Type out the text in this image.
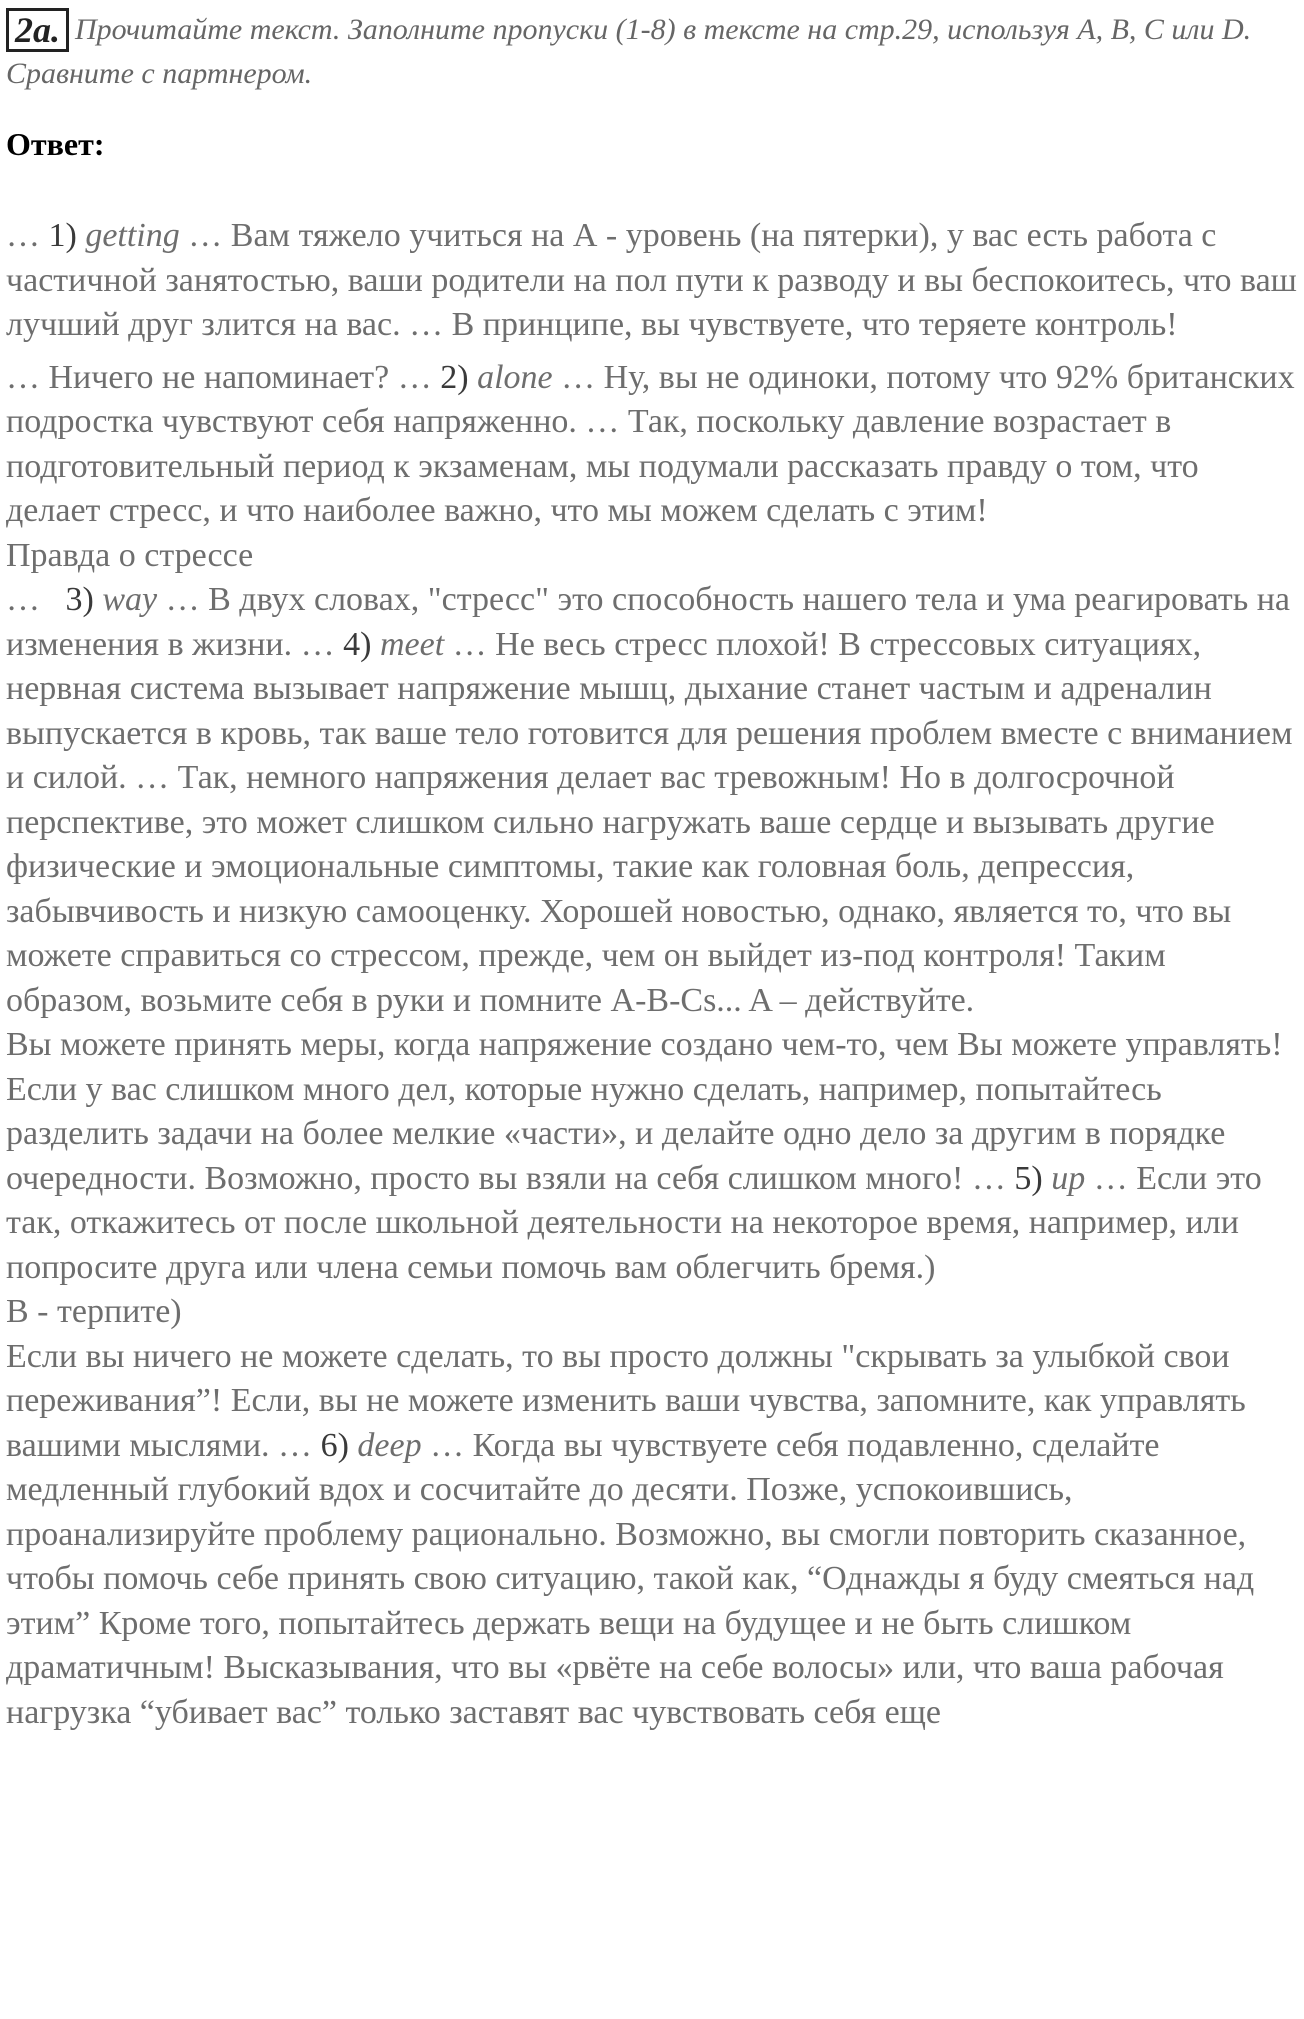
2a. Прочитайте текст. Заполните пропуски (1-8) в тексте на стр.29, используя A, B, C или D. Сравните с партнером.
Ответ:

… 1) getting … Вам тяжело учиться на А - уровень (на пятерки), у вас есть работа с частичной занятостью, ваши родители на пол пути к разводу и вы беспокоитесь, что ваш лучший друг злится на вас. … В принципе, вы чувствуете, что теряете контроль!

… Ничего не напоминает? … 2) alone … Ну, вы не одиноки, потому что 92% британских подростка чувствуют себя напряженно. … Так, поскольку давление возрастает в подготовительный период к экзаменам, мы подумали рассказать правду о том, что делает стресс, и что наиболее важно, что мы можем сделать с этим!

Правда о стрессе

…   3) way … В двух словах, "стресс" это способность нашего тела и ума реагировать на изменения в жизни. … 4) meet … Не весь стресс плохой! В стрессовых ситуациях, нервная система вызывает напряжение мышц, дыхание станет частым и адреналин выпускается в кровь, так ваше тело готовится для решения проблем вместе с вниманием и силой. … Так, немного напряжения делает вас тревожным! Но в долгосрочной перспективе, это может слишком сильно нагружать ваше сердце и вызывать другие физические и эмоциональные симптомы, такие как головная боль, депрессия, забывчивость и низкую самооценку. Хорошей новостью, однако, является то, что вы можете справиться со стрессом, прежде, чем он выйдет из-под контроля! Таким образом, возьмите себя в руки и помните A-B-Cs... A – действуйте.

Вы можете принять меры, когда напряжение создано чем-то, чем Вы можете управлять! Если у вас слишком много дел, которые нужно сделать, например, попытайтесь разделить задачи на более мелкие «части», и делайте одно дело за другим в порядке очередности. Возможно, просто вы взяли на себя слишком много! … 5) up … Если это так, откажитесь от после школьной деятельности на некоторое время, например, или попросите друга или члена семьи помочь вам облегчить бремя.)

B - терпите)

Если вы ничего не можете сделать, то вы просто должны "скрывать за улыбкой свои переживания”! Если, вы не можете изменить ваши чувства, запомните, как управлять вашими мыслями. … 6) deep … Когда вы чувствуете себя подавленно, сделайте медленный глубокий вдох и сосчитайте до десяти. Позже, успокоившись, проанализируйте проблему рационально. Возможно, вы смогли повторить сказанное, чтобы помочь себе принять свою ситуацию, такой как, “Однажды я буду смеяться над этим” Кроме того, попытайтесь держать вещи на будущее и не быть слишком драматичным! Высказывания, что вы «рвёте на себе волосы» или, что ваша рабочая нагрузка “убивает вас” только заставят вас чувствовать себя еще
